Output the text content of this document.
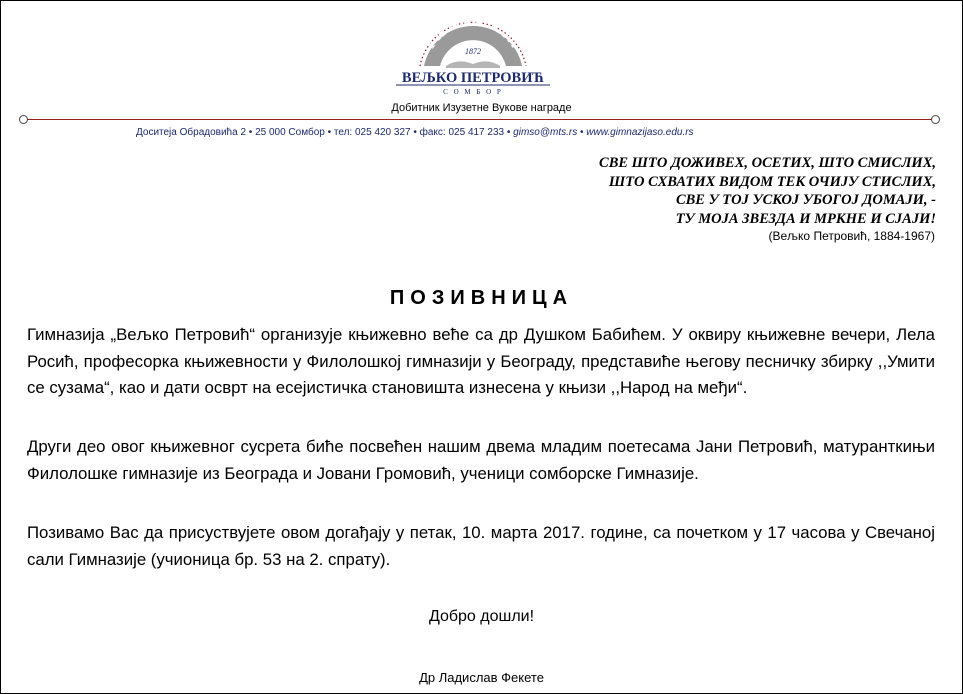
ГИМНАЗИЈА
1872
ВЕЉКО ПЕТРОВИЋ
С О М Б О Р
Добитник Изузетне Вукове награде
Доситеја Обрадовића 2 • 25 000 Сомбор • тел: 025 420 327 • факс: 025 417 233 • gimso@mts.rs • www.gimnazijaso.edu.rs
СВЕ ШТО ДОЖИВЕХ, ОСЕТИХ, ШТО СМИСЛИХ,
ШТО СХВАТИХ ВИДОМ ТЕК ОЧИЈУ СТИСЛИХ,
СВЕ У ТОЈ УСКОЈ УБОГОЈ ДОМАЈИ, -
ТУ МОЈА ЗВЕЗДА И МРКНЕ И СЈАЈИ!
(Вељко Петровић, 1884-1967)
ПОЗИВНИЦА
Гимназија „Вељко Петровић“ организује књижевно веће са др Душком Бабићем. У оквиру књижевне вечери, Лела Росић, професорка књижевности у Филолошкој гимназији у Београду, представиће његову песничку збирку ,,Умити се сузама“, као и дати осврт на есејистичка становишта изнесена у књизи ,,Народ на међи“.
Други део овог књижевног сусрета биће посвећен нашим двема младим поетесама Јани Петровић, матуранткињи Филолошке гимназије из Београда и Јовани Громовић, ученици сомборске Гимназије.
Позивамо Вас да присуствујете овом догађају у петак, 10. марта 2017. године, са почетком у 17 часова у Свечаној сали Гимназије (учионица бр. 53 на 2. спрату).
Добро дошли!
Др Ладислав Фекете
